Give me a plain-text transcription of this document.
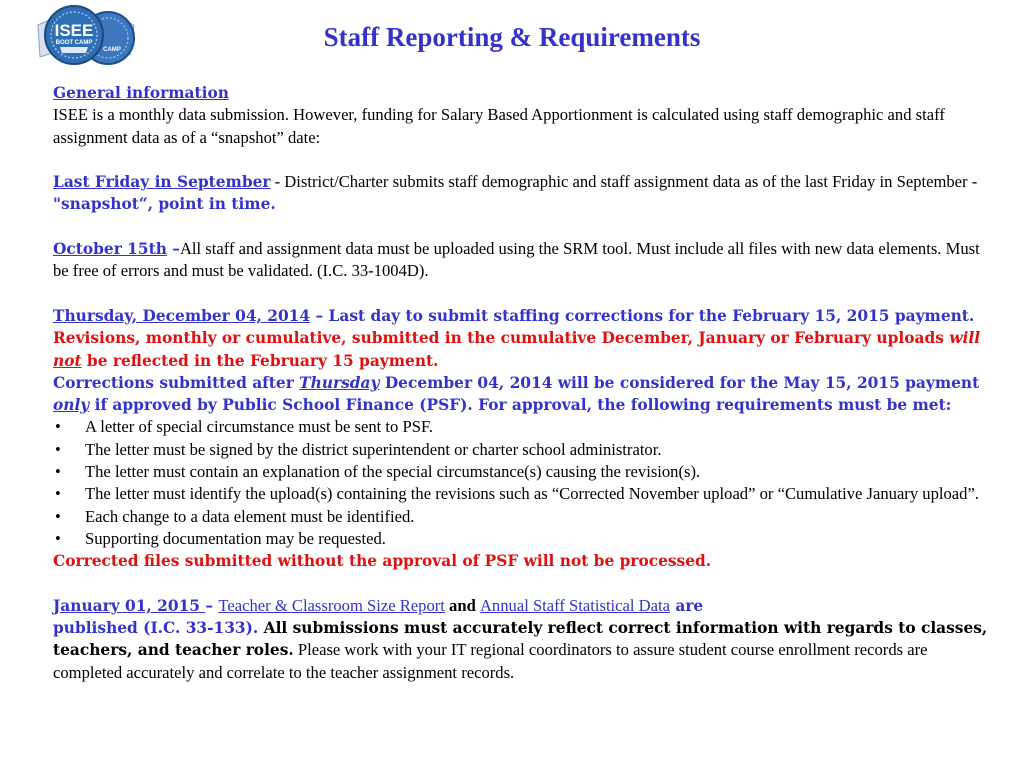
ISEE
BOOT CAMP
CAMP	Staff Reporting & Requirements

General information
ISEE is a monthly data submission. However, funding for Salary Based Apportionment is calculated using staff demographic and staff assignment data as of a “snapshot” date:

Last Friday in September - District/Charter submits staff demographic and staff assignment data as of the last Friday in September - "snapshot“, point in time.

October 15th –All staff and assignment data must be uploaded using the SRM tool. Must include all files with new data elements. Must be free of errors and must be validated. (I.C. 33-1004D).

Thursday, December 04, 2014 – Last day to submit staffing corrections for the February 15, 2015 payment. Revisions, monthly or cumulative, submitted in the cumulative December, January or February uploads will not be reflected in the February 15 payment.
Corrections submitted after Thursday December 04, 2014 will be considered for the May 15, 2015 payment only if approved by Public School Finance (PSF). For approval, the following requirements must be met:

• A letter of special circumstance must be sent to PSF.
• The letter must be signed by the district superintendent or charter school administrator.
• The letter must contain an explanation of the special circumstance(s) causing the revision(s).
• The letter must identify the upload(s) containing the revisions such as “Corrected November upload” or “Cumulative January upload”.
• Each change to a data element must be identified.
• Supporting documentation may be requested.

Corrected files submitted without the approval of PSF will not be processed.

January 01, 2015 – Teacher & Classroom Size Report and Annual Staff Statistical Data are
published (I.C. 33-133). All submissions must accurately reflect correct information with regards to classes, teachers, and teacher roles. Please work with your IT regional coordinators to assure student course enrollment records are completed accurately and correlate to the teacher assignment records.
